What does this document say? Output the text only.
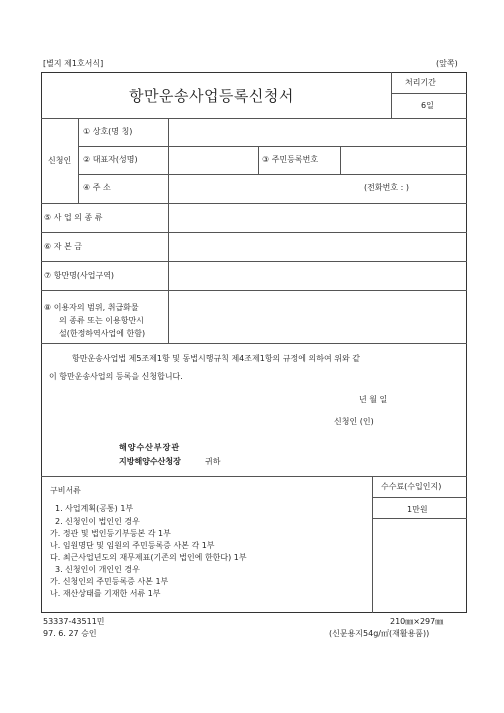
[별지 제1호서식]	(앞쪽)
항만운송사업등록신청서
처리기간
6일
신청인
① 상호(명 칭)
② 대표자(성명)	③ 주민등록번호
④ 주 소	(전화번호 : )
⑤ 사 업 의 종 류
⑥ 자 본 금
⑦ 항만명(사업구역)
⑧ 이용자의 범위, 취급화물
의 종류 또는 이용항만시
설(한정하역사업에 한함)
항만운송사업법 제5조제1항 및 동법시행규칙 제4조제1항의 규정에 의하여 위와 같
이 항만운송사업의 등록을 신청합니다.
년 월 일
신청인 (인)
해양수산부장관
지방해양수산청장	귀하
구비서류	수수료(수입인지)
1만원
1. 사업계획(공통) 1부
2. 신청인이 법인인 경우
가. 정관 및 법인등기부등본 각 1부
나. 임원명단 및 임원의 주민등록증 사본 각 1부
다. 최근사업년도의 재무제표(기존의 법인에 한한다) 1부
3. 신청인이 개인인 경우
가. 신청인의 주민등록증 사본 1부
나. 재산상태를 기재한 서류 1부
53337-43511민
97. 6. 27 승인
210㎜×297㎜
(신문용지54g/㎡(재활용품))
